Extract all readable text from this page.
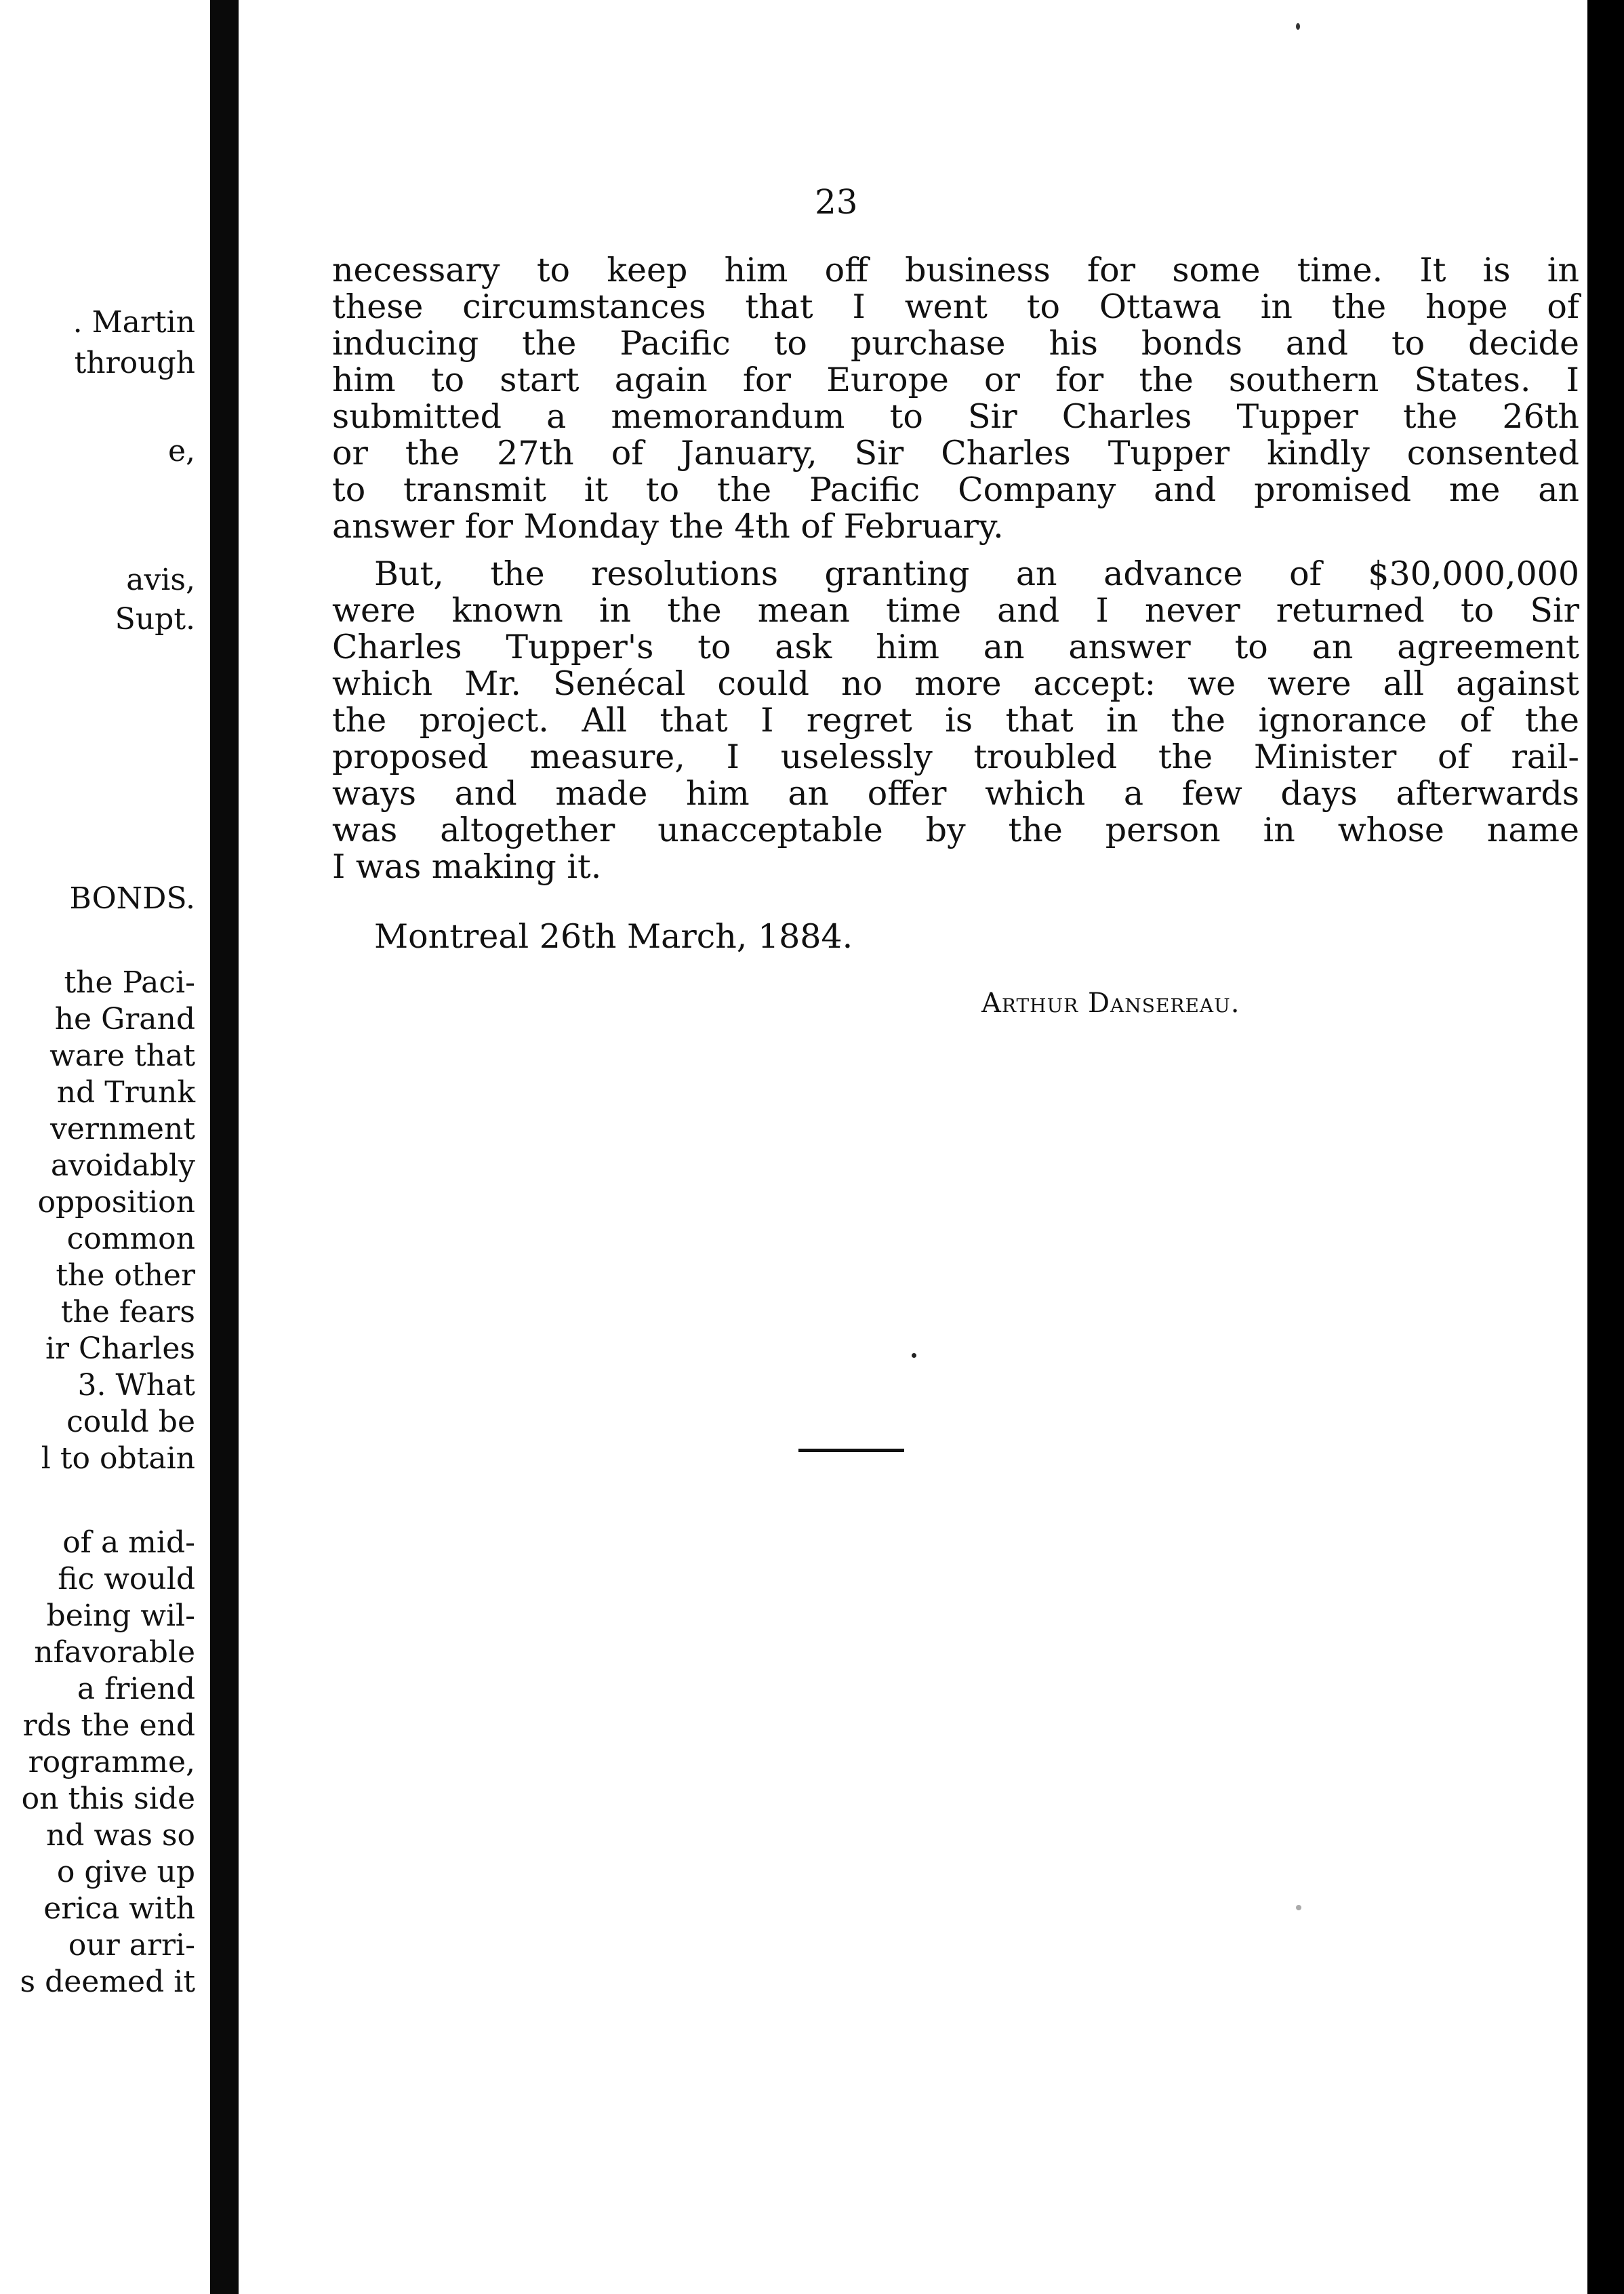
. Martin
through
e,
avis,
Supt.
BONDS.
the Paci-
he Grand
ware that
nd Trunk
vernment
avoidably
opposition
common
the other
the fears
ir Charles
3. What
could be
l to obtain
of a mid-
fic would
being wil-
nfavorable
a friend
rds the end
rogramme,
on this side
nd was so
o give up
erica with
our arri-
s deemed it
23
necessary to keep him off business for some time. It is in
these circumstances that I went to Ottawa in the hope of
inducing the Pacific to purchase his bonds and to decide
him to start again for Europe or for the southern States. I
submitted a memorandum to Sir Charles Tupper the 26th
or the 27th of January, Sir Charles Tupper kindly consented
to transmit it to the Pacific Company and promised me an
answer for Monday the 4th of February.
But, the resolutions granting an advance of $30,000,000
were known in the mean time and I never returned to Sir
Charles Tupper's to ask him an answer to an agreement
which Mr. Senécal could no more accept: we were all against
the project. All that I regret is that in the ignorance of the
proposed measure, I uselessly troubled the Minister of rail-
ways and made him an offer which a few days afterwards
was altogether unacceptable by the person in whose name
I was making it.
Montreal 26th March, 1884.
Arthur Dansereau.
